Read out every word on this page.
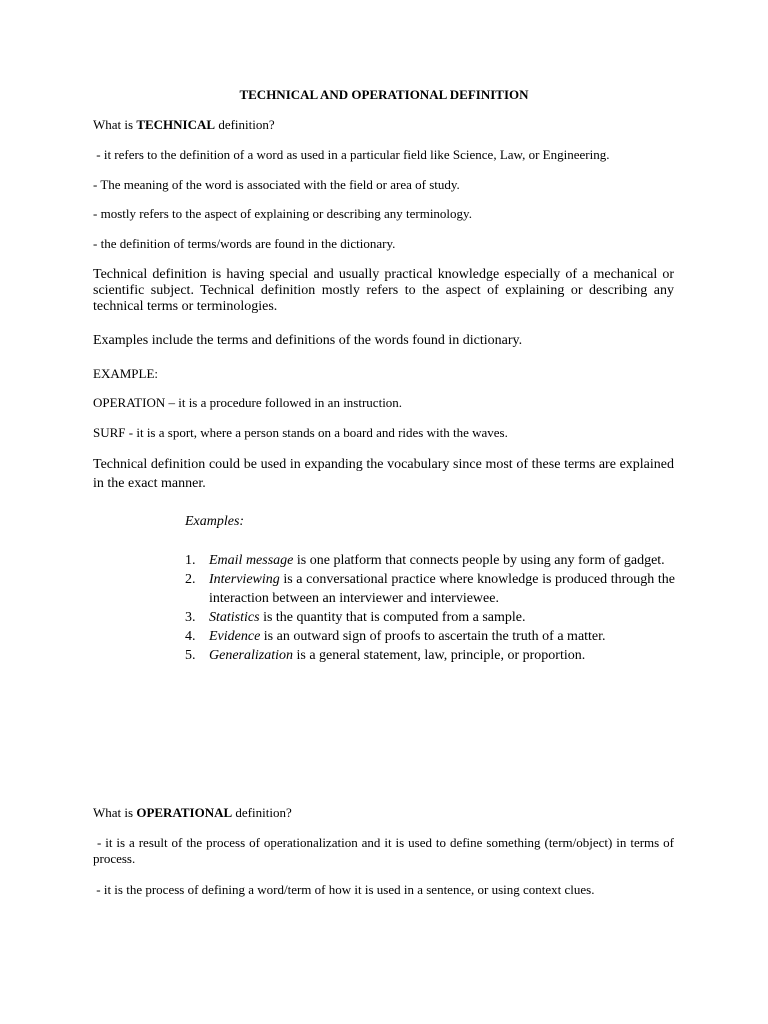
TECHNICAL AND OPERATIONAL DEFINITION

What is TECHNICAL definition?

- it refers to the definition of a word as used in a particular field like Science, Law, or Engineering.

- The meaning of the word is associated with the field or area of study.

- mostly refers to the aspect of explaining or describing any terminology.

- the definition of terms/words are found in the dictionary.

Technical definition is having special and usually practical knowledge especially of a mechanical or scientific subject. Technical definition mostly refers to the aspect of explaining or describing any technical terms or terminologies.

Examples include the terms and definitions of the words found in dictionary.

EXAMPLE:

OPERATION – it is a procedure followed in an instruction.

SURF - it is a sport, where a person stands on a board and rides with the waves.

Technical definition could be used in expanding the vocabulary since most of these terms are explained in the exact manner.

Examples:

1. Email message is one platform that connects people by using any form of gadget.
2. Interviewing is a conversational practice where knowledge is produced through the interaction between an interviewer and interviewee.
3. Statistics is the quantity that is computed from a sample.
4. Evidence is an outward sign of proofs to ascertain the truth of a matter.
5. Generalization is a general statement, law, principle, or proportion.

What is OPERATIONAL definition?

- it is a result of the process of operationalization and it is used to define something (term/object) in terms of process.

- it is the process of defining a word/term of how it is used in a sentence, or using context clues.
